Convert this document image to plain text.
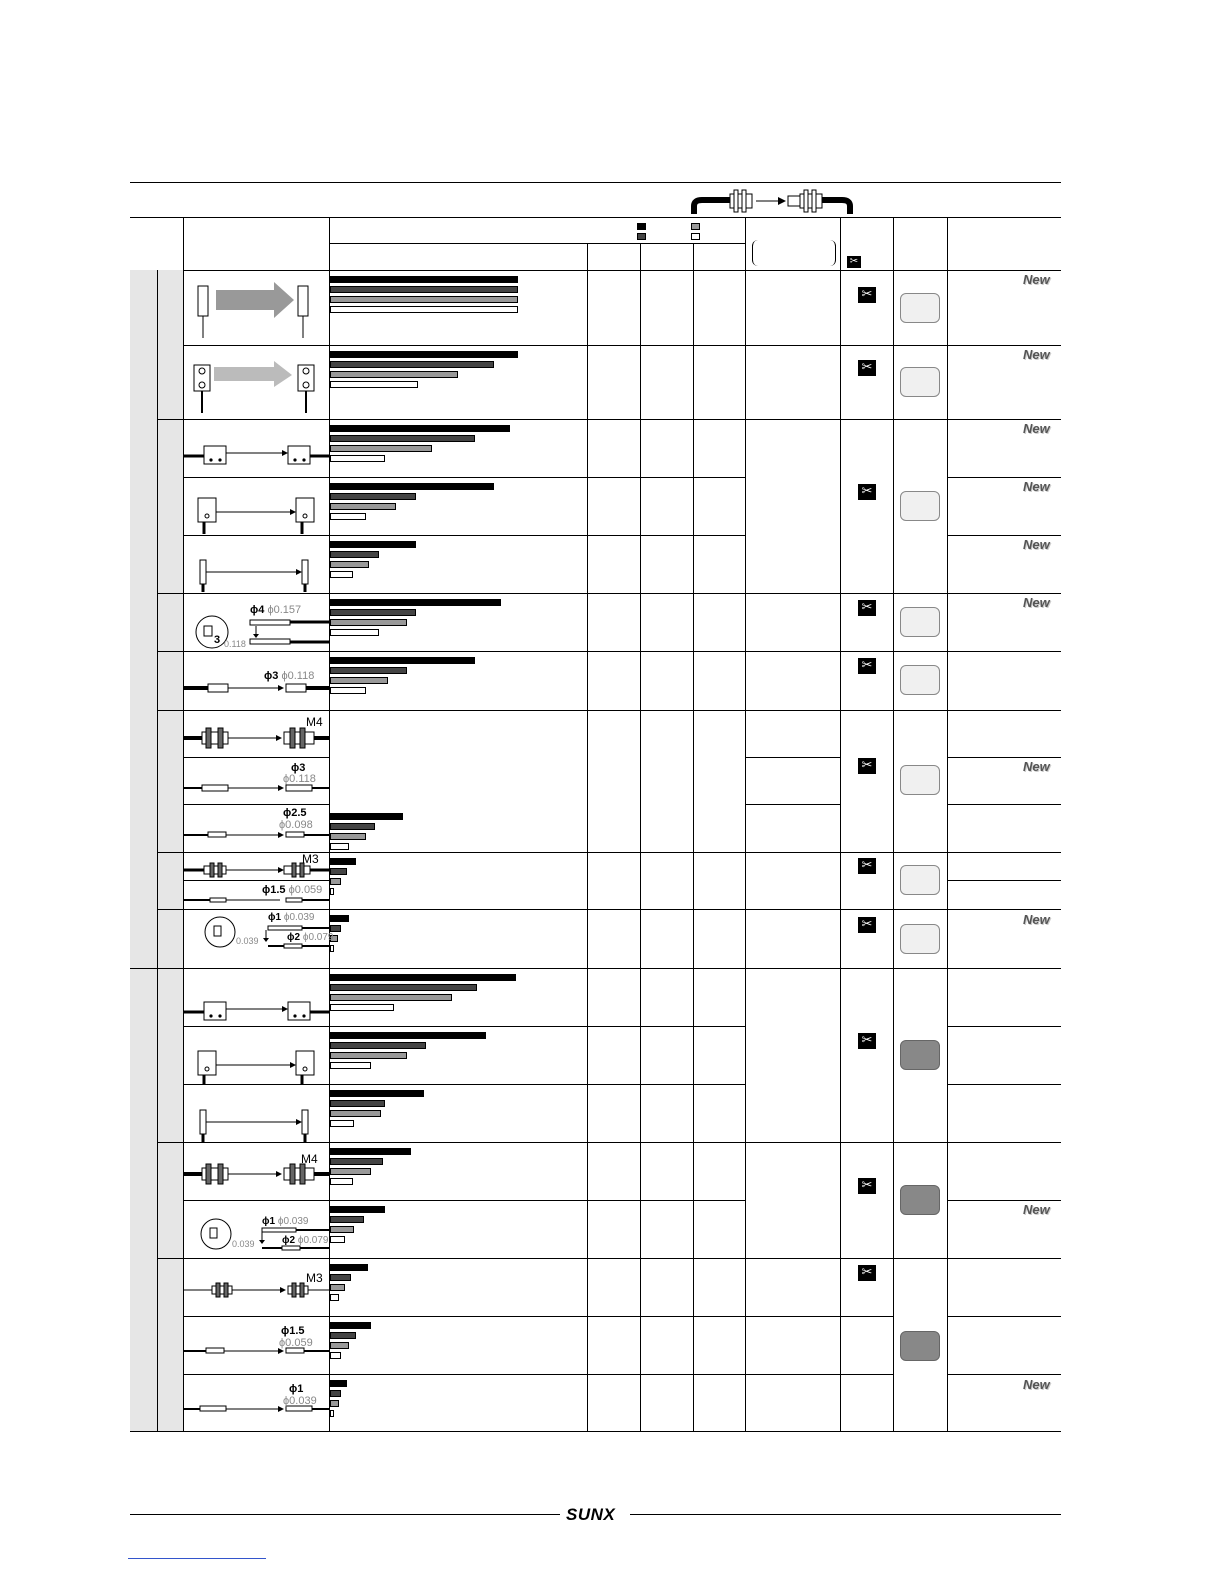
✂
ϕ4 ϕ0.157
3 0.118
ϕ3 ϕ0.118
M4
ϕ3
ϕ0.118
ϕ2.5
ϕ0.098
M3
ϕ1.5 ϕ0.059
ϕ1 ϕ0.039
ϕ2 ϕ0.079
0.039
M4
ϕ1 ϕ0.039
ϕ2 ϕ0.079
0.039
M3
ϕ1.5
ϕ0.059
ϕ1
ϕ0.039
✂
✂
✂
✂
✂
✂
✂
✂
✂
✂
✂
New
New
New
New
New
New
New
New
New
New
SUNX
